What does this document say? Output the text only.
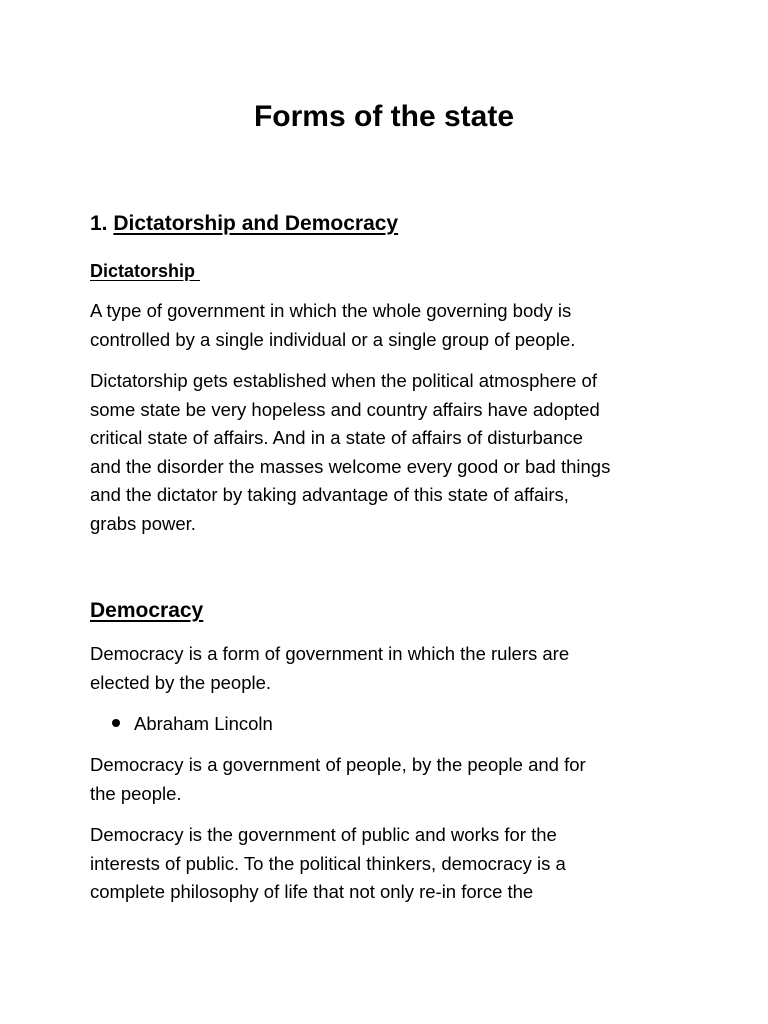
Forms of the state
1. Dictatorship and Democracy
Dictatorship

A type of government in which the whole governing body is
controlled by a single individual or a single group of people.

Dictatorship gets established when the political atmosphere of
some state be very hopeless and country affairs have adopted
critical state of affairs. And in a state of affairs of disturbance
and the disorder the masses welcome every good or bad things
and the dictator by taking advantage of this state of affairs,
grabs power.

Democracy

Democracy is a form of government in which the rulers are
elected by the people.

Abraham Lincoln

Democracy is a government of people, by the people and for
the people.

Democracy is the government of public and works for the
interests of public. To the political thinkers, democracy is a
complete philosophy of life that not only re-in force the
